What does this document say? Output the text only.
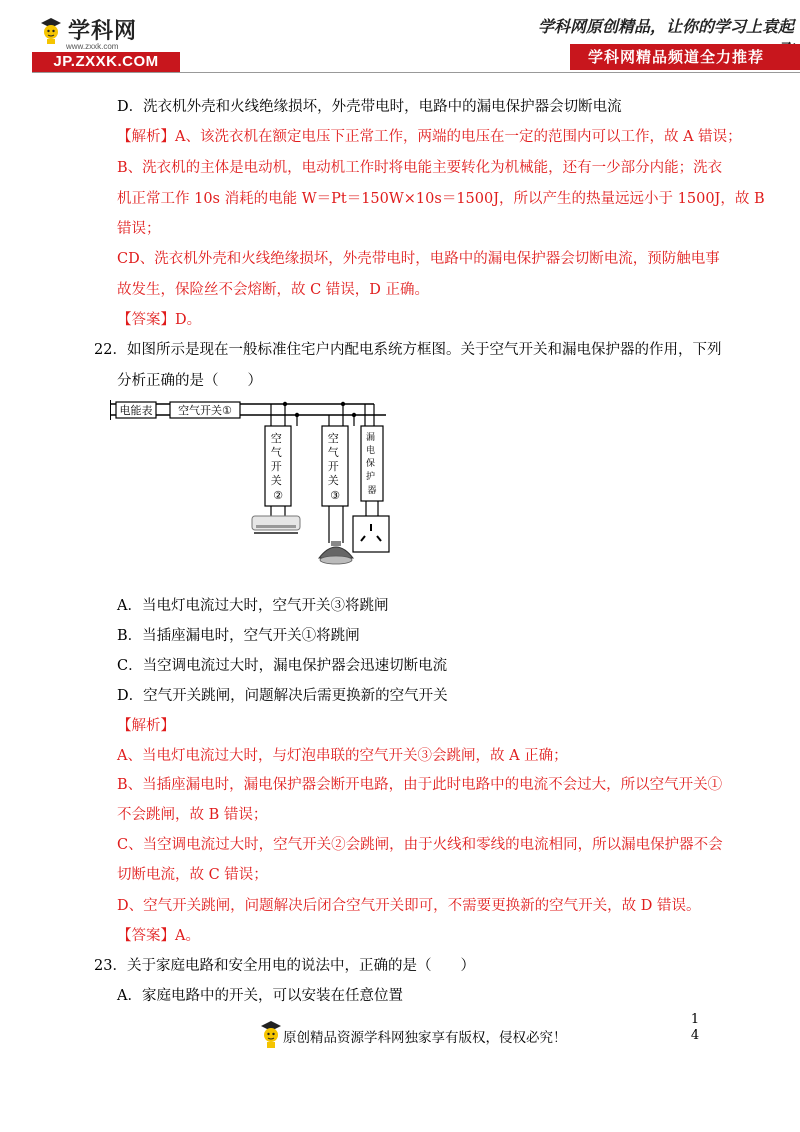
学科网
www.zxxk.com
JP.ZXXK.COM
学科网原创精品，让你的学习上袁起
学科网精品频道全力推荐
D．洗衣机外壳和火线绝缘损坏，外壳带电时，电路中的漏电保护器会切断电流
【解析】A、该洗衣机在额定电压下正常工作，两端的电压在一定的范围内可以工作，故 A 错误；
B、洗衣机的主体是电动机，电动机工作时将电能主要转化为机械能，还有一少部分内能；洗衣
机正常工作 10s 消耗的电能 W＝Pt＝150W×10s＝1500J，所以产生的热量远远小于 1500J，故 B
错误；
CD、洗衣机外壳和火线绝缘损坏，外壳带电时，电路中的漏电保护器会切断电流，预防触电事
故发生，保险丝不会熔断，故 C 错误，D 正确。
【答案】D。
22．如图所示是现在一般标准住宅户内配电系统方框图。关于空气开关和漏电保护器的作用，下列
分析正确的是（　　）
电能表 空气开关①
空 气 开 关 ②
空 气 开 关 ③
漏 电 保 护 器
A．当电灯电流过大时，空气开关③将跳闸
B．当插座漏电时，空气开关①将跳闸
C．当空调电流过大时，漏电保护器会迅速切断电流
D．空气开关跳闸，问题解决后需更换新的空气开关
【解析】
A、当电灯电流过大时，与灯泡串联的空气开关③会跳闸，故 A 正确；
B、当插座漏电时，漏电保护器会断开电路，由于此时电路中的电流不会过大，所以空气开关①
不会跳闸，故 B 错误；
C、当空调电流过大时，空气开关②会跳闸，由于火线和零线的电流相同，所以漏电保护器不会
切断电流，故 C 错误；
D、空气开关跳闸，问题解决后闭合空气开关即可，不需要更换新的空气开关，故 D 错误。
【答案】A。
23．关于家庭电路和安全用电的说法中，正确的是（　　）
A．家庭电路中的开关，可以安装在任意位置
原创精品资源学科网独家享有版权，侵权必究！
1
4
